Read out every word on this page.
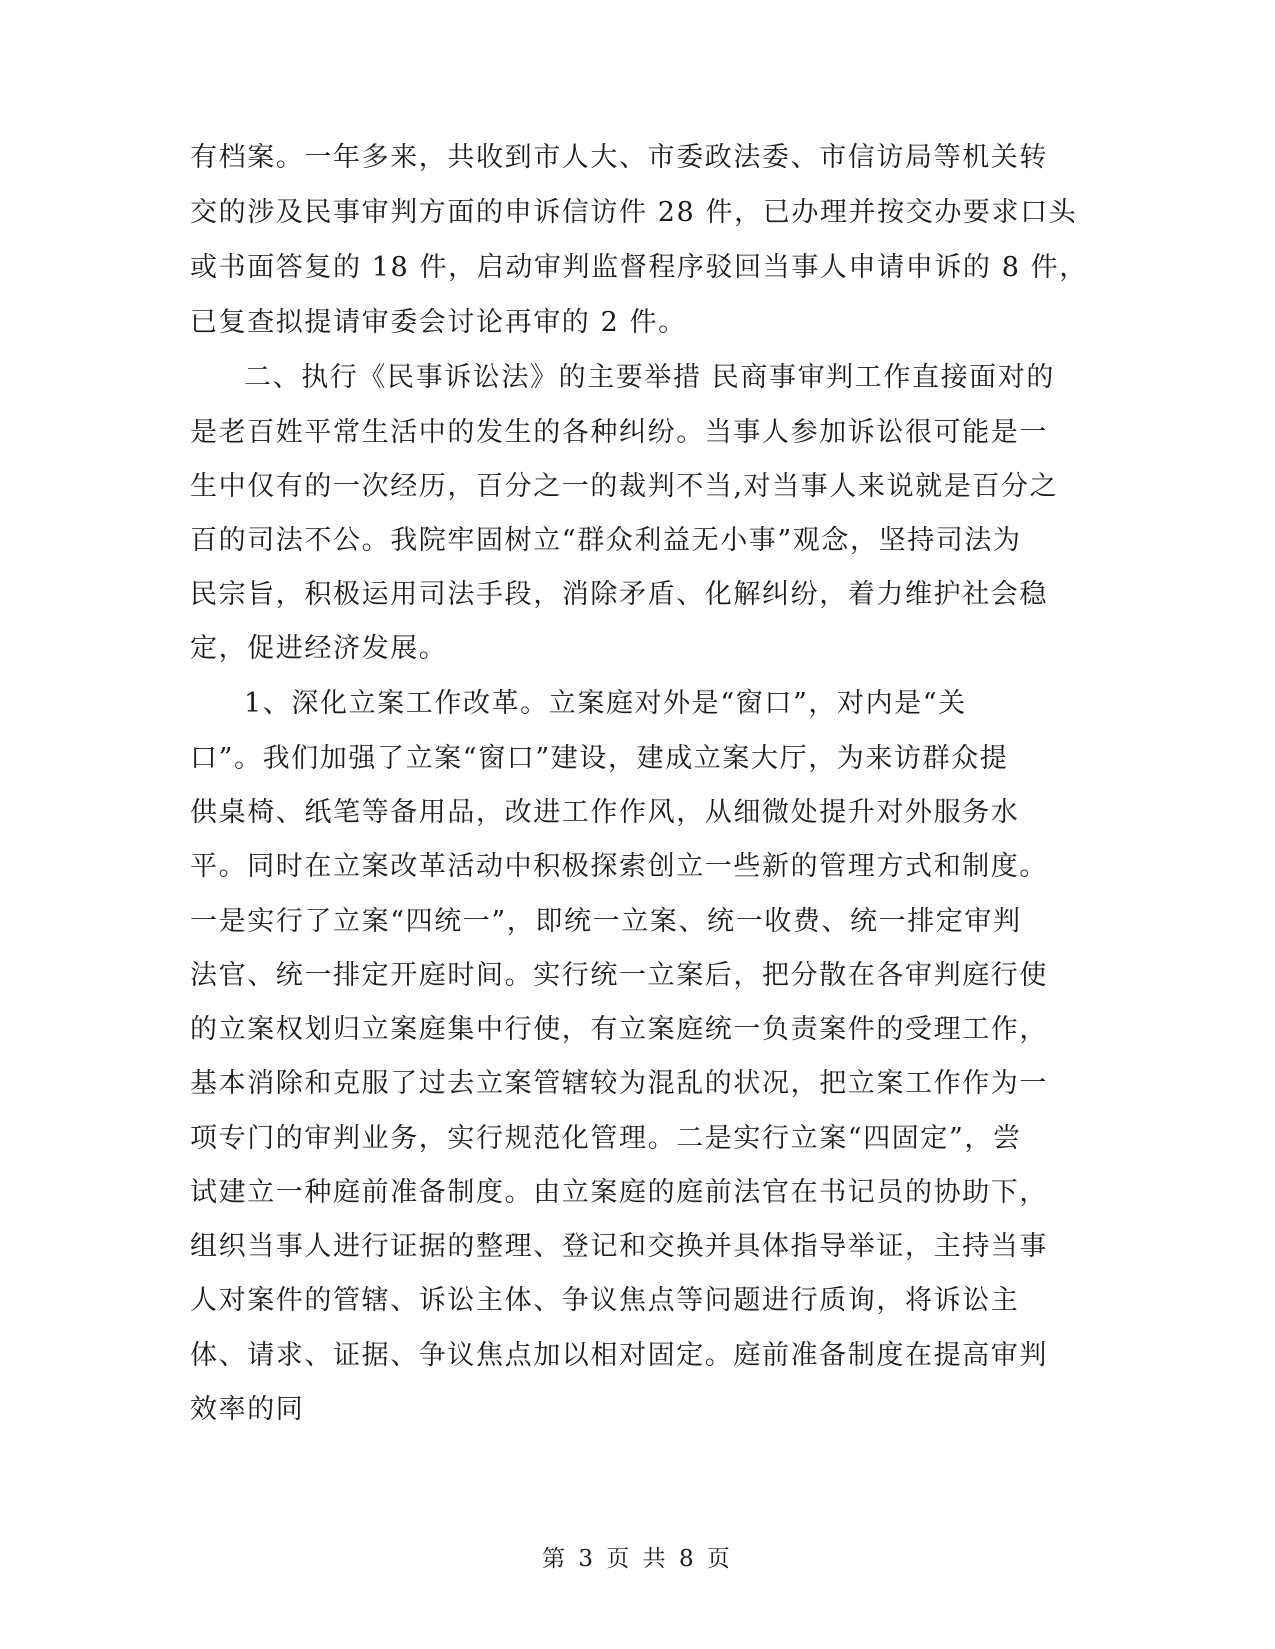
有档案。一年多来，共收到市人大、市委政法委、市信访局等机关转
交的涉及民事审判方面的申诉信访件 28 件，已办理并按交办要求口头
或书面答复的 18 件，启动审判监督程序驳回当事人申请申诉的 8 件，
已复查拟提请审委会讨论再审的 2 件。
二、执行《民事诉讼法》的主要举措 民商事审判工作直接面对的
是老百姓平常生活中的发生的各种纠纷。当事人参加诉讼很可能是一
生中仅有的一次经历，百分之一的裁判不当,对当事人来说就是百分之
百的司法不公。我院牢固树立“群众利益无小事”观念，坚持司法为
民宗旨，积极运用司法手段，消除矛盾、化解纠纷，着力维护社会稳
定，促进经济发展。
1、深化立案工作改革。立案庭对外是“窗口”，对内是“关
口”。我们加强了立案“窗口”建设，建成立案大厅，为来访群众提
供桌椅、纸笔等备用品，改进工作作风，从细微处提升对外服务水
平。同时在立案改革活动中积极探索创立一些新的管理方式和制度。
一是实行了立案“四统一”，即统一立案、统一收费、统一排定审判
法官、统一排定开庭时间。实行统一立案后，把分散在各审判庭行使
的立案权划归立案庭集中行使，有立案庭统一负责案件的受理工作，
基本消除和克服了过去立案管辖较为混乱的状况，把立案工作作为一
项专门的审判业务，实行规范化管理。二是实行立案“四固定”，尝
试建立一种庭前准备制度。由立案庭的庭前法官在书记员的协助下，
组织当事人进行证据的整理、登记和交换并具体指导举证，主持当事
人对案件的管辖、诉讼主体、争议焦点等问题进行质询，将诉讼主
体、请求、证据、争议焦点加以相对固定。庭前准备制度在提高审判
效率的同
第 3 页 共 8 页
